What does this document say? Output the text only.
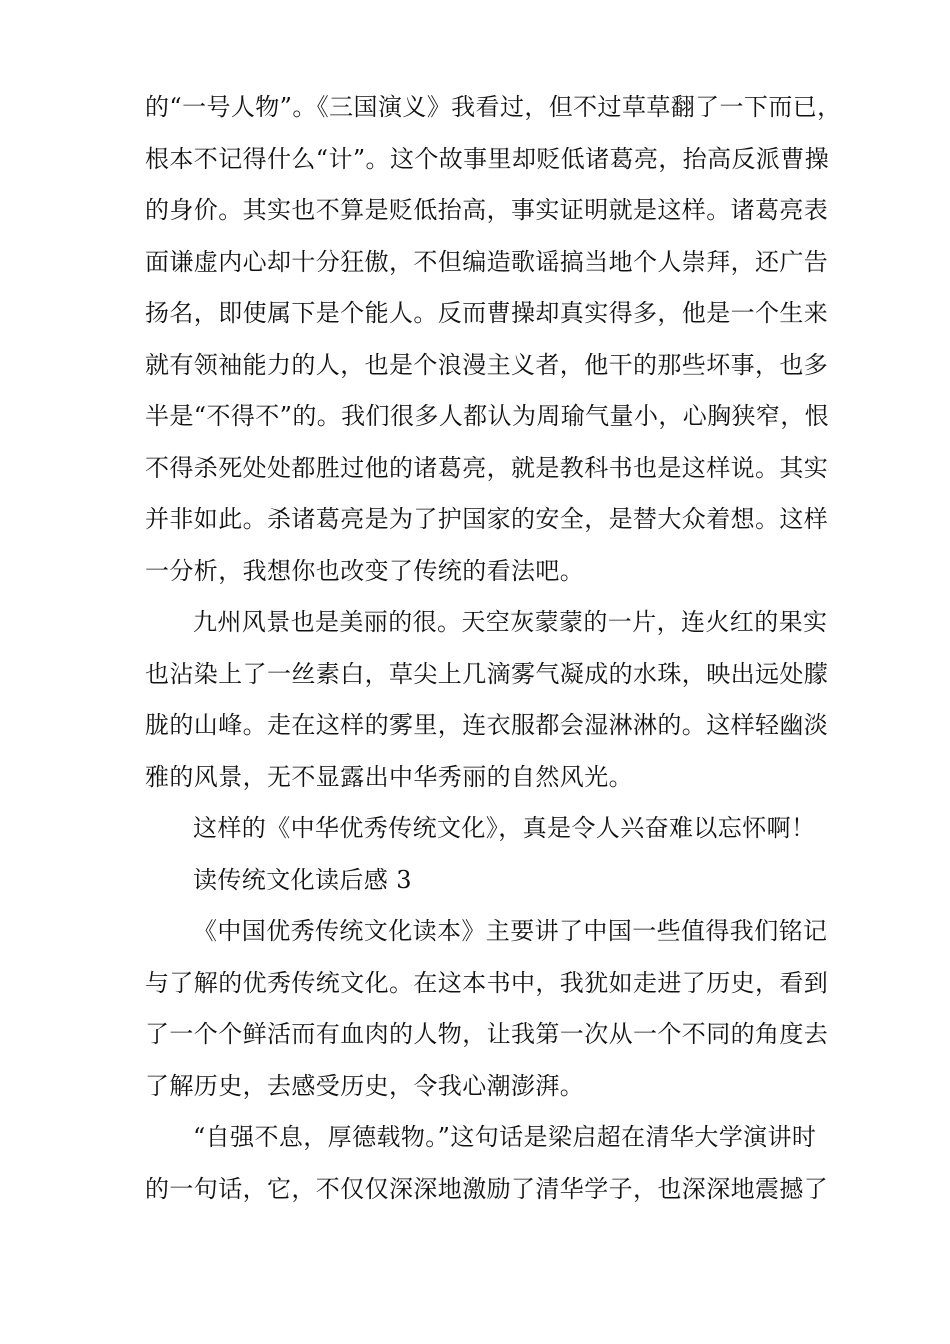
的“一号人物”。《三国演义》我看过，但不过草草翻了一下而已，
根本不记得什么“计”。这个故事里却贬低诸葛亮，抬高反派曹操
的身价。其实也不算是贬低抬高，事实证明就是这样。诸葛亮表
面谦虚内心却十分狂傲，不但编造歌谣搞当地个人崇拜，还广告
扬名，即使属下是个能人。反而曹操却真实得多，他是一个生来
就有领袖能力的人，也是个浪漫主义者，他干的那些坏事，也多
半是“不得不”的。我们很多人都认为周瑜气量小，心胸狭窄，恨
不得杀死处处都胜过他的诸葛亮，就是教科书也是这样说。其实
并非如此。杀诸葛亮是为了护国家的安全，是替大众着想。这样
一分析，我想你也改变了传统的看法吧。
九州风景也是美丽的很。天空灰蒙蒙的一片，连火红的果实
也沾染上了一丝素白，草尖上几滴雾气凝成的水珠，映出远处朦
胧的山峰。走在这样的雾里，连衣服都会湿淋淋的。这样轻幽淡
雅的风景，无不显露出中华秀丽的自然风光。
这样的《中华优秀传统文化》，真是令人兴奋难以忘怀啊！
读传统文化读后感 3
《中国优秀传统文化读本》主要讲了中国一些值得我们铭记
与了解的优秀传统文化。在这本书中，我犹如走进了历史，看到
了一个个鲜活而有血肉的人物，让我第一次从一个不同的角度去
了解历史，去感受历史，令我心潮澎湃。
“自强不息，厚德载物。”这句话是梁启超在清华大学演讲时
的一句话，它，不仅仅深深地激励了清华学子，也深深地震撼了
